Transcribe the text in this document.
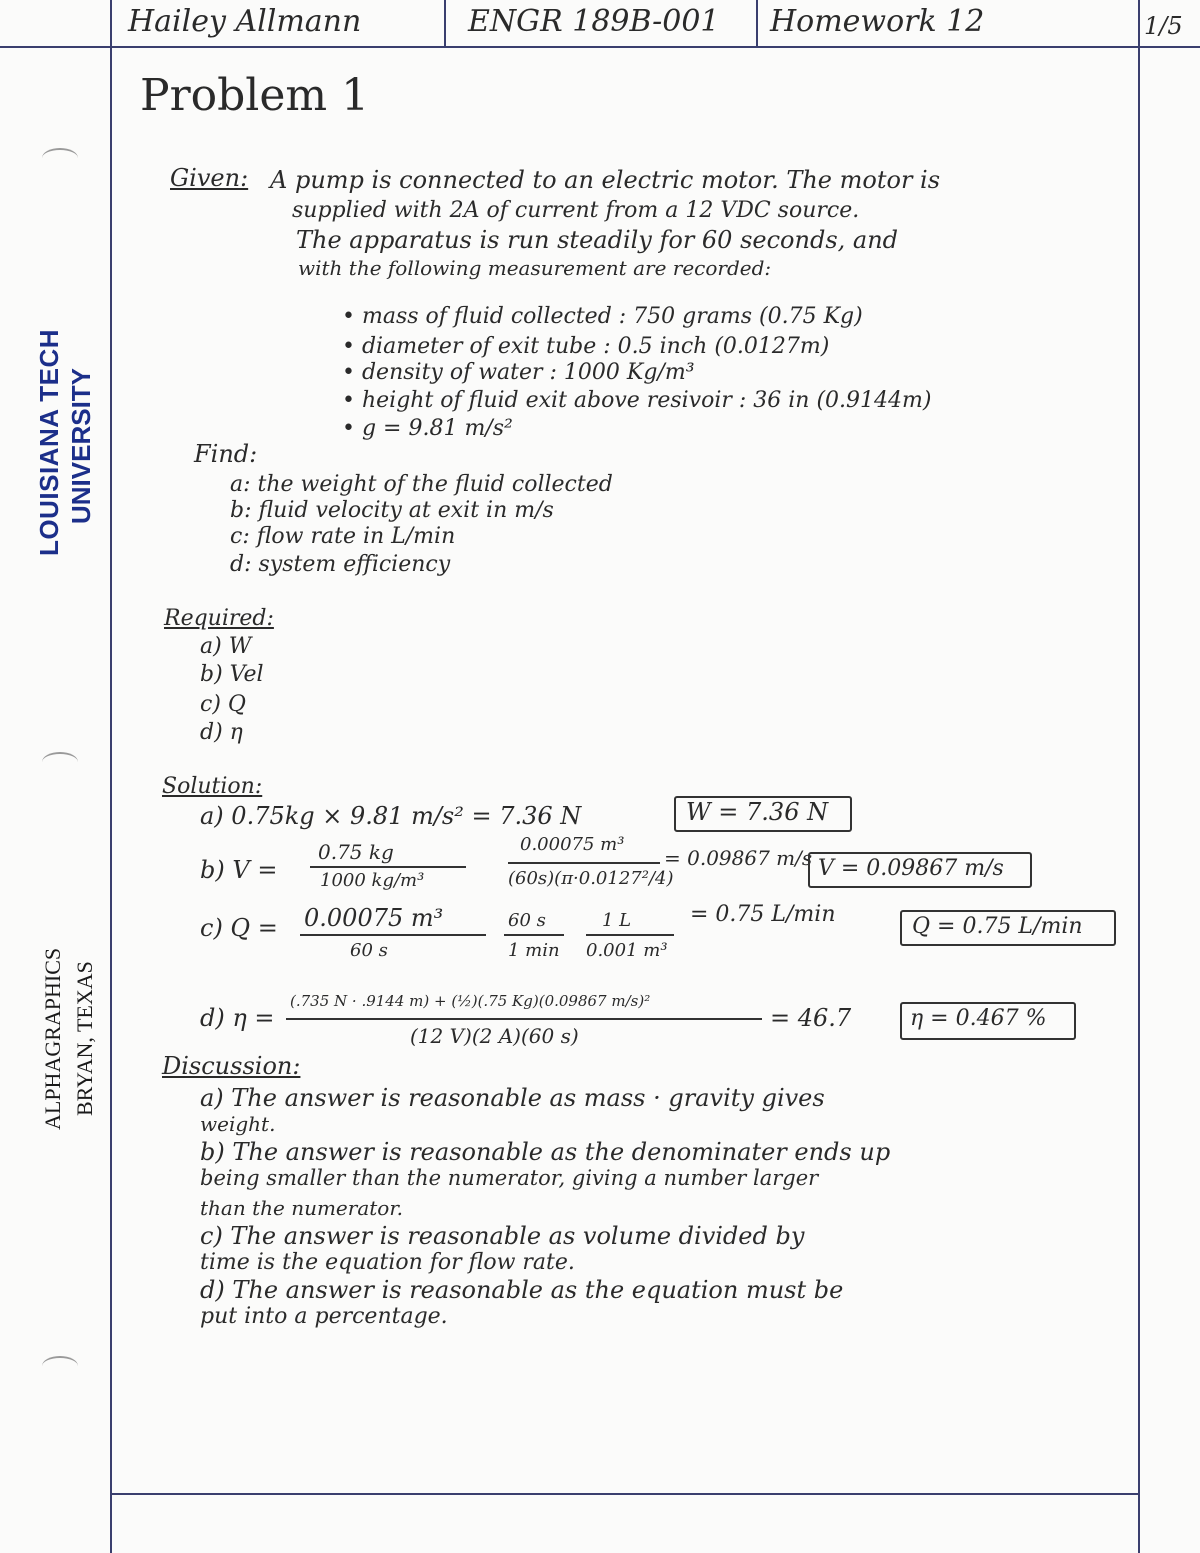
Hailey Allmann	ENGR 189B-001 Homework 12	1/5
LOUISIANA TECH UNIVERSITY
ALPHAGRAPHICS BRYAN, TEXAS
Problem 1
Given: A pump is connected to an electric motor. The motor is
supplied with 2A of current from a 12 VDC source.
The apparatus is run steadily for 60 seconds, and
with the following measurement are recorded:
• mass of fluid collected : 750 grams (0.75 Kg)
• diameter of exit tube : 0.5 inch (0.0127m)
• density of water : 1000 Kg/m³
• height of fluid exit above resivoir : 36 in (0.9144m)
• g = 9.81 m/s²
Find:
a: the weight of the fluid collected
b: fluid velocity at exit in m/s
c: flow rate in L/min
d: system efficiency
Required:
a) W
b) Vel
c) Q
d) η
Solution:
a) 0.75kg × 9.81 m/s² = 7.36 N	W = 7.36 N
b) V =
0.75 kg
1000 kg/m³
0.00075 m³
(60s)(π·0.0127²/4)
= 0.09867 m/s V = 0.09867 m/s
c) Q = 0.00075 m³
60 s
60 s
1 min
1 L
0.001 m³
= 0.75 L/min	Q = 0.75 L/min
d) η =
(.735 N · .9144 m) + (½)(.75 Kg)(0.09867 m/s)²
(12 V)(2 A)(60 s)
= 46.7	η = 0.467 %
Discussion:
a) The answer is reasonable as mass · gravity gives
weight.
b) The answer is reasonable as the denominater ends up
being smaller than the numerator, giving a number larger
than the numerator.
c) The answer is reasonable as volume divided by
time is the equation for flow rate.
d) The answer is reasonable as the equation must be
put into a percentage.
